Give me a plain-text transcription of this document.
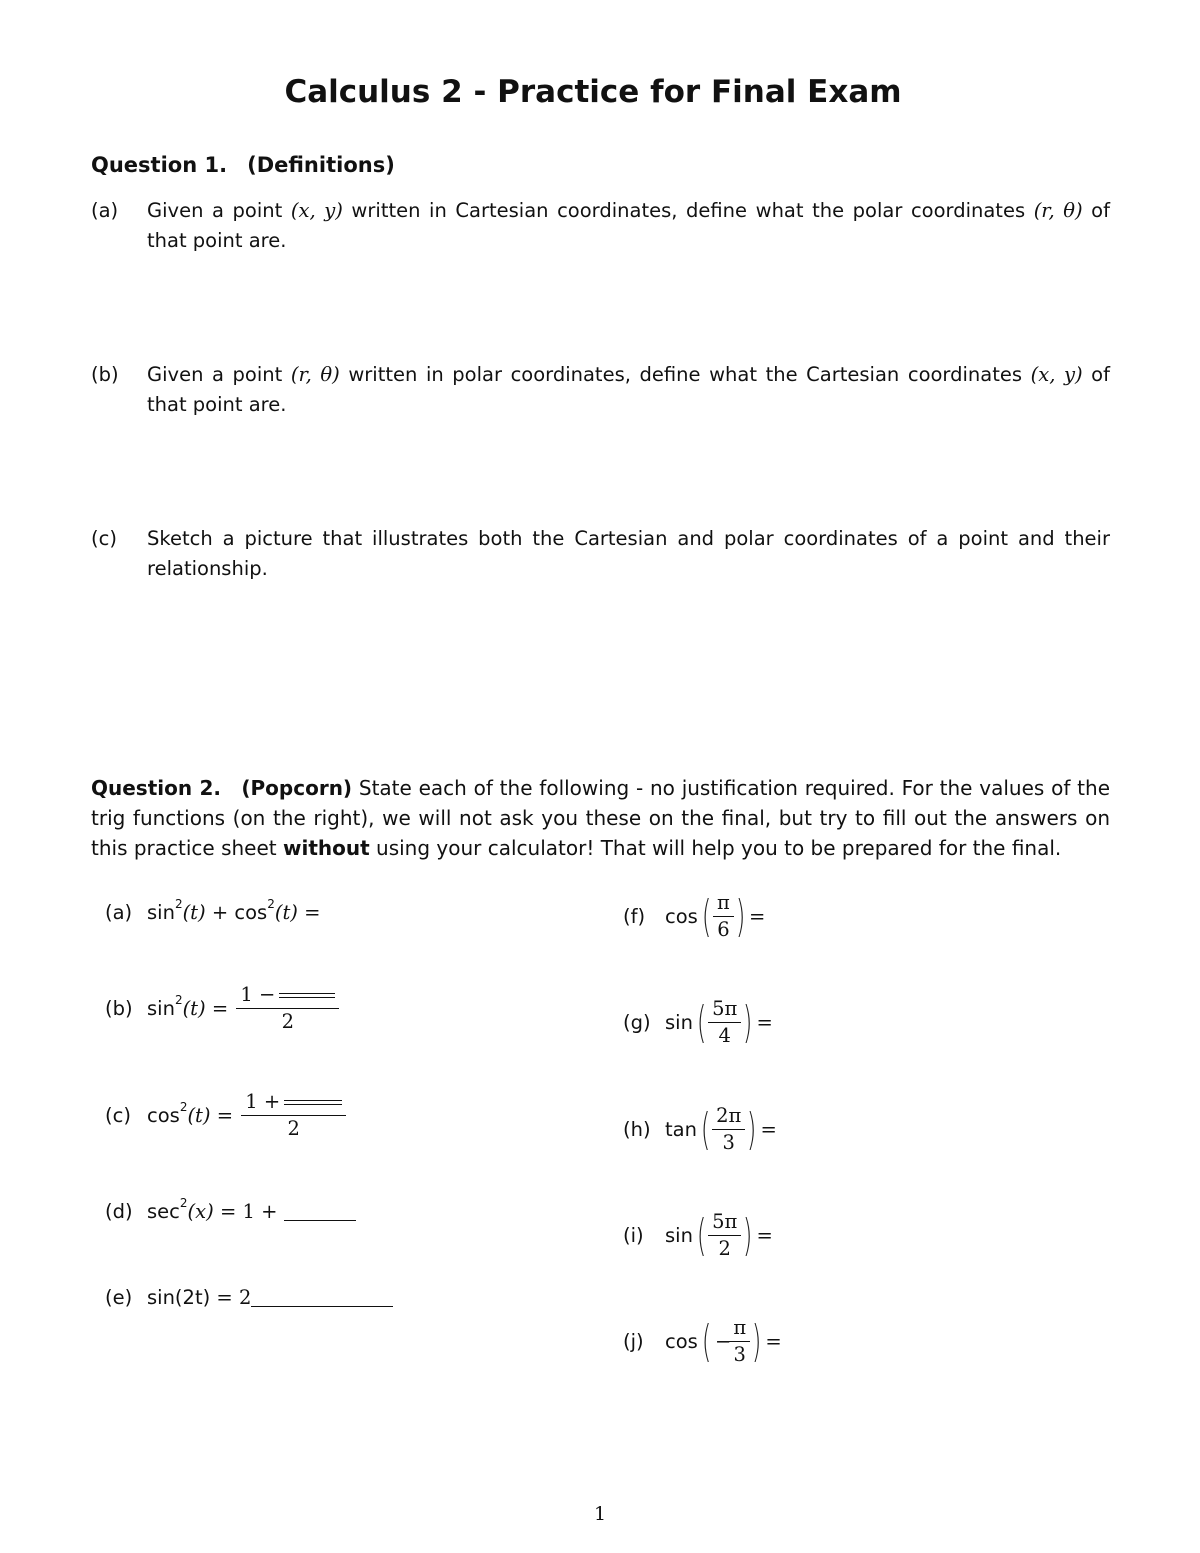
Calculus 2 - Practice for Final Exam
Question 1. (Definitions)
(a) Given a point (x, y) written in Cartesian coordinates, define what the polar coordinates (r, θ) of that point are.
(b) Given a point (r, θ) written in polar coordinates, define what the Cartesian coordinates (x, y) of that point are.
(c) Sketch a picture that illustrates both the Cartesian and polar coordinates of a point and their relationship.
Question 2. (Popcorn) State each of the following - no justification required. For the values of the trig functions (on the right), we will not ask you these on the final, but try to fill out the answers on this practice sheet without using your calculator! That will help you to be prepared for the final.
(a) sin 2 (t) + cos 2 (t) =
(b) sin 2 $(t) = \frac{1 -}{2}$
(c) cos 2 $(t) = \frac{1 +}{2}$
(d) sec 2 (x) = 1 +
(e) sin(2t) = 2
(f)	cos ( $\frac{\pi}{6}$ ) =
(g) sin ( $\frac{5\pi}{4}$ ) =
(h) tan ( $\frac{2\pi}{3}$ ) =
(i)	sin ( $\frac{5\pi}{2}$ ) =
(j)	cos ( − $\frac{\pi}{3}$ ) =
1
